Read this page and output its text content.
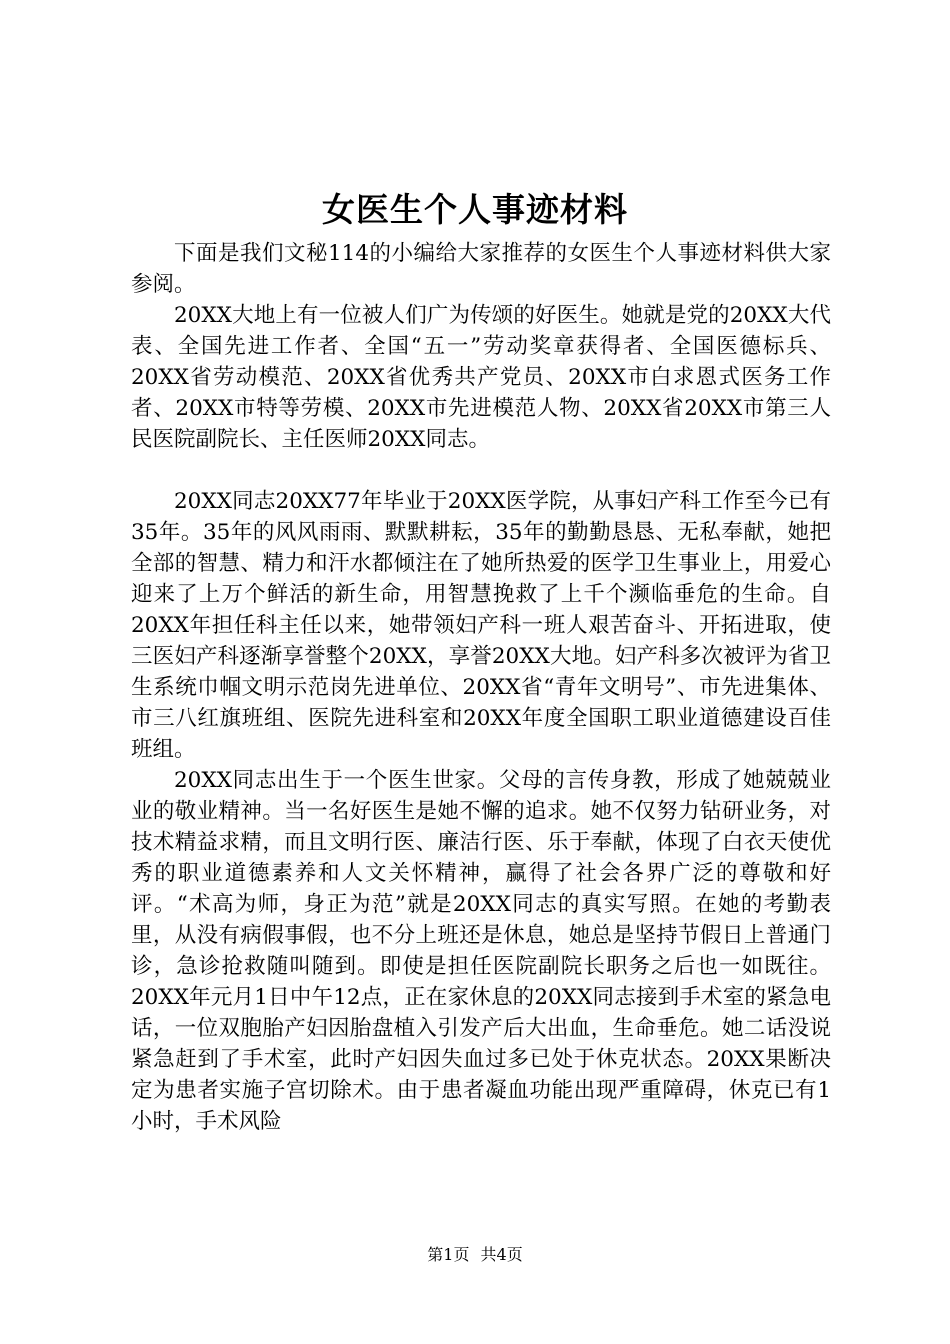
女医生个人事迹材料

下面是我们文秘114的小编给大家推荐的女医生个人事迹材料供大家参阅。

20XX大地上有一位被人们广为传颂的好医生。她就是党的20XX大代表、全国先进工作者、全国“五一”劳动奖章获得者、全国医德标兵、20XX省劳动模范、20XX省优秀共产党员、20XX市白求恩式医务工作者、20XX市特等劳模、20XX市先进模范人物、20XX省20XX市第三人民医院副院长、主任医师20XX同志。

20XX同志20XX77年毕业于20XX医学院，从事妇产科工作至今已有35年。35年的风风雨雨、默默耕耘，35年的勤勤恳恳、无私奉献，她把全部的智慧、精力和汗水都倾注在了她所热爱的医学卫生事业上，用爱心迎来了上万个鲜活的新生命，用智慧挽救了上千个濒临垂危的生命。自20XX年担任科主任以来，她带领妇产科一班人艰苦奋斗、开拓进取，使三医妇产科逐渐享誉整个20XX，享誉20XX大地。妇产科多次被评为省卫生系统巾帼文明示范岗先进单位、20XX省“青年文明号”、市先进集体、市三八红旗班组、医院先进科室和20XX年度全国职工职业道德建设百佳班组。

20XX同志出生于一个医生世家。父母的言传身教，形成了她兢兢业业的敬业精神。当一名好医生是她不懈的追求。她不仅努力钻研业务，对技术精益求精，而且文明行医、廉洁行医、乐于奉献，体现了白衣天使优秀的职业道德素养和人文关怀精神，赢得了社会各界广泛的尊敬和好评。“术高为师，身正为范”就是20XX同志的真实写照。在她的考勤表里，从没有病假事假，也不分上班还是休息，她总是坚持节假日上普通门诊，急诊抢救随叫随到。即使是担任医院副院长职务之后也一如既往。20XX年元月1日中午12点，正在家休息的20XX同志接到手术室的紧急电话，一位双胞胎产妇因胎盘植入引发产后大出血，生命垂危。她二话没说紧急赶到了手术室，此时产妇因失血过多已处于休克状态。20XX果断决定为患者实施子宫切除术。由于患者凝血功能出现严重障碍，休克已有1小时，手术风险

第1页 共4页
